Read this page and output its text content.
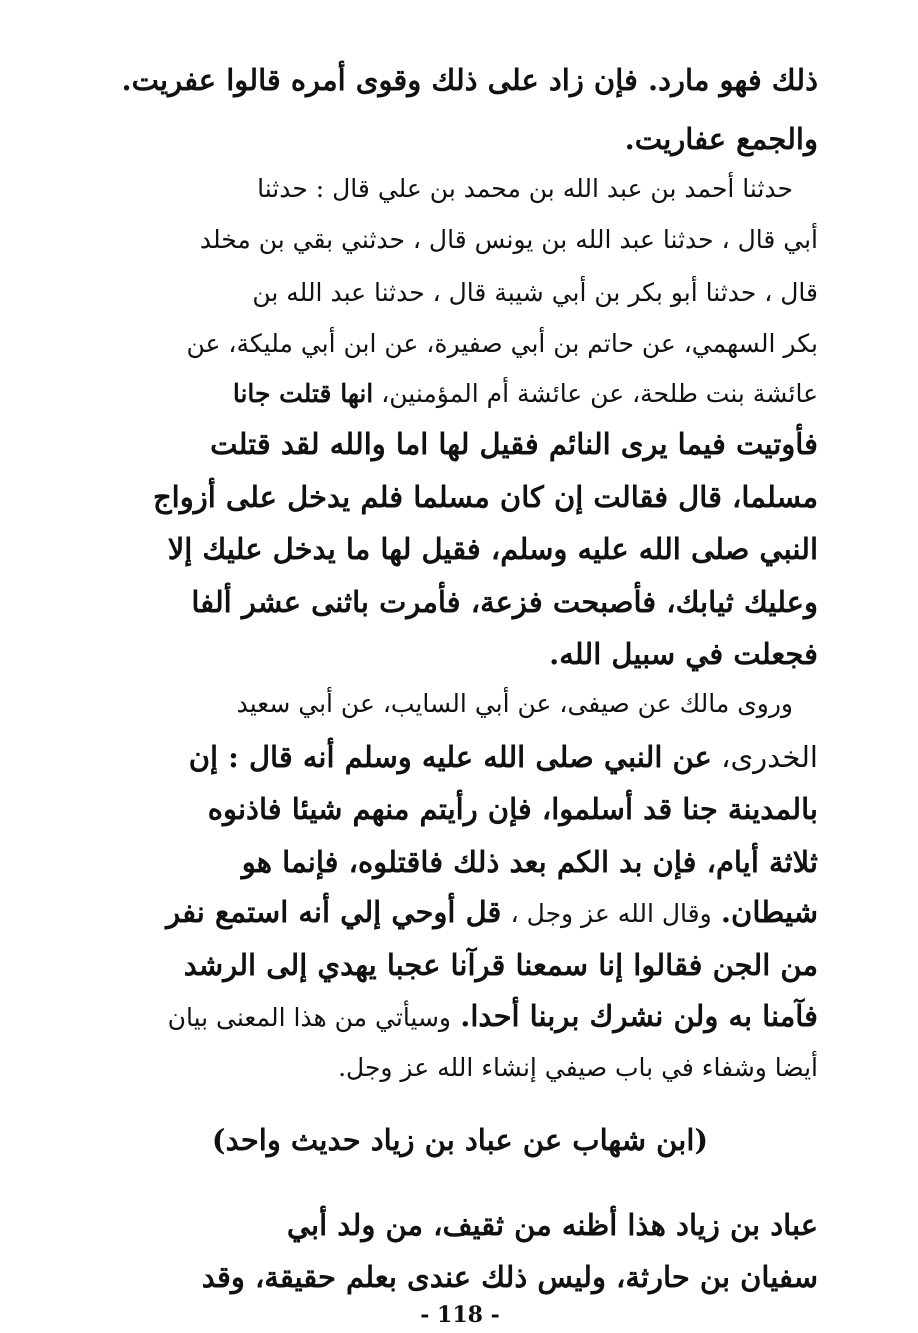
ذلك فهو مارد. فإن زاد على ذلك وقوى أمره قالوا عفريت.
والجمع عفاريت.
حدثنا أحمد بن عبد الله بن محمد بن علي قال : حدثنا
أبي قال ، حدثنا عبد الله بن يونس قال ، حدثني بقي بن مخلد
قال ، حدثنا أبو بكر بن أبي شيبة قال ، حدثنا عبد الله بن
بكر السهمي، عن حاتم بن أبي صفيرة، عن ابن أبي مليكة، عن
عائشة بنت طلحة، عن عائشة أم المؤمنين، انها قتلت جانا
فأوتيت فيما يرى النائم فقيل لها اما والله لقد قتلت
مسلما، قال فقالت إن كان مسلما فلم يدخل على أزواج
النبي صلى الله عليه وسلم، فقيل لها ما يدخل عليك إلا
وعليك ثيابك، فأصبحت فزعة، فأمرت باثنى عشر ألفا
فجعلت في سبيل الله.
وروى مالك عن صيفى، عن أبي السايب، عن أبي سعيد
الخدرى، عن النبي صلى الله عليه وسلم أنه قال : إن
بالمدينة جنا قد أسلموا، فإن رأيتم منهم شيئا فاذنوه
ثلاثة أيام، فإن بد الكم بعد ذلك فاقتلوه، فإنما هو
شيطان. وقال الله عز وجل ، قل أوحي إلي أنه استمع نفر
من الجن فقالوا إنا سمعنا قرآنا عجبا يهدي إلى الرشد
فآمنا به ولن نشرك بربنا أحدا. وسيأتي من هذا المعنى بيان
أيضا وشفاء في باب صيفي إنشاء الله عز وجل.
(ابن شهاب عن عباد بن زياد حديث واحد)
عباد بن زياد هذا أظنه من ثقيف، من ولد أبي
سفيان بن حارثة، وليس ذلك عندى بعلم حقيقة، وقد
- 118 -
